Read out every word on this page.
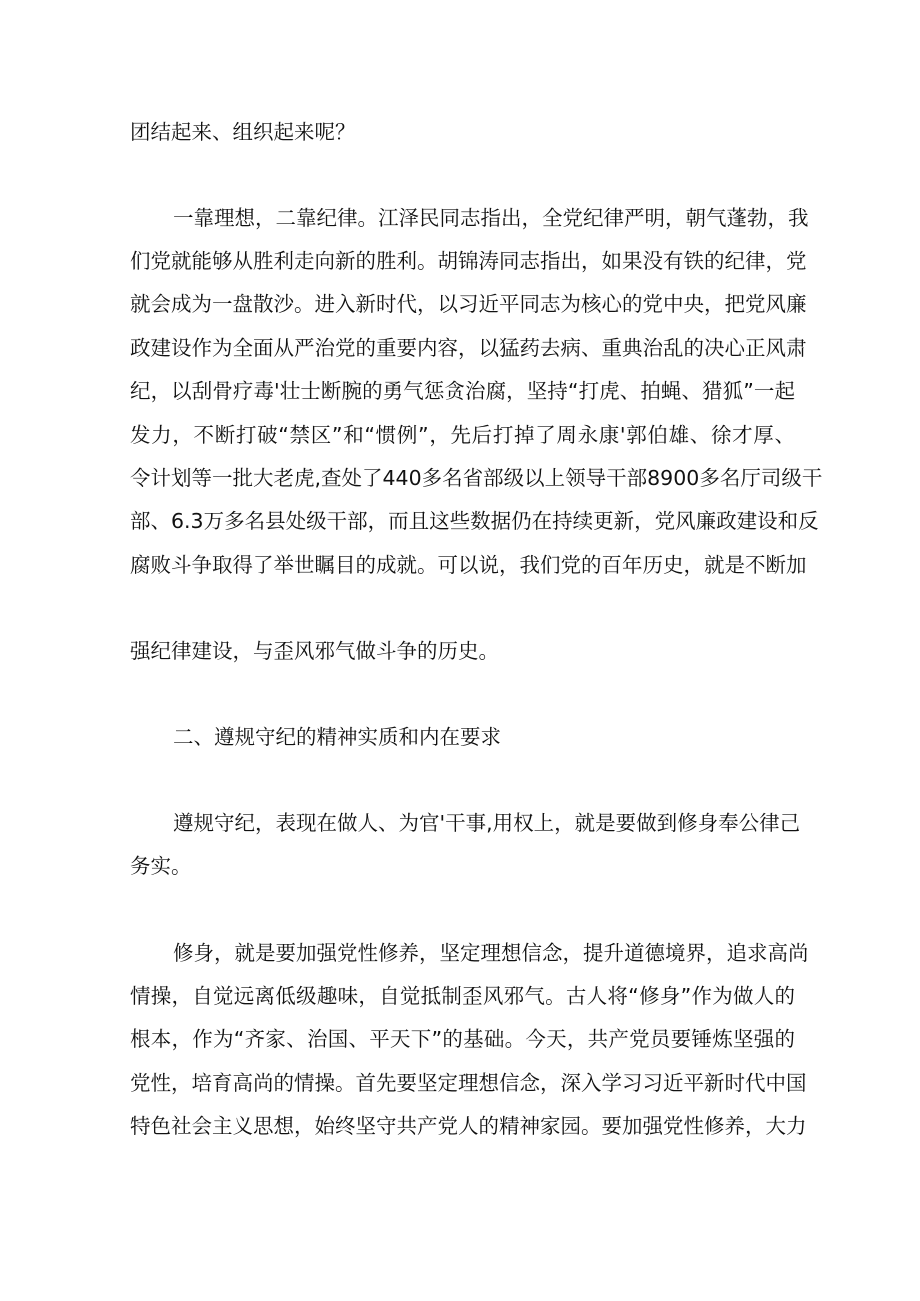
团结起来、组织起来呢？
一靠理想，二靠纪律。江泽民同志指出，全党纪律严明，朝气蓬勃，我
们党就能够从胜利走向新的胜利。胡锦涛同志指出，如果没有铁的纪律，党
就会成为一盘散沙。进入新时代，以习近平同志为核心的党中央，把党风廉
政建设作为全面从严治党的重要内容，以猛药去病、重典治乱的决心正风肃
纪，以刮骨疗毒'壮士断腕的勇气惩贪治腐，坚持“打虎、拍蝇、猎狐”一起
发力，不断打破“禁区”和“惯例”，先后打掉了周永康'郭伯雄、徐才厚、
令计划等一批大老虎,查处了440多名省部级以上领导干部8900多名厅司级干
部、6.3万多名县处级干部，而且这些数据仍在持续更新，党风廉政建设和反
腐败斗争取得了举世瞩目的成就。可以说，我们党的百年历史，就是不断加
强纪律建设，与歪风邪气做斗争的历史。
二、遵规守纪的精神实质和内在要求
遵规守纪，表现在做人、为官'干事,用权上，就是要做到修身奉公律己
务实。
修身，就是要加强党性修养，坚定理想信念，提升道德境界，追求高尚
情操，自觉远离低级趣味，自觉抵制歪风邪气。古人将“修身”作为做人的
根本，作为“齐家、治国、平天下”的基础。今天，共产党员要锤炼坚强的
党性，培育高尚的情操。首先要坚定理想信念，深入学习习近平新时代中国
特色社会主义思想，始终坚守共产党人的精神家园。要加强党性修养，大力
